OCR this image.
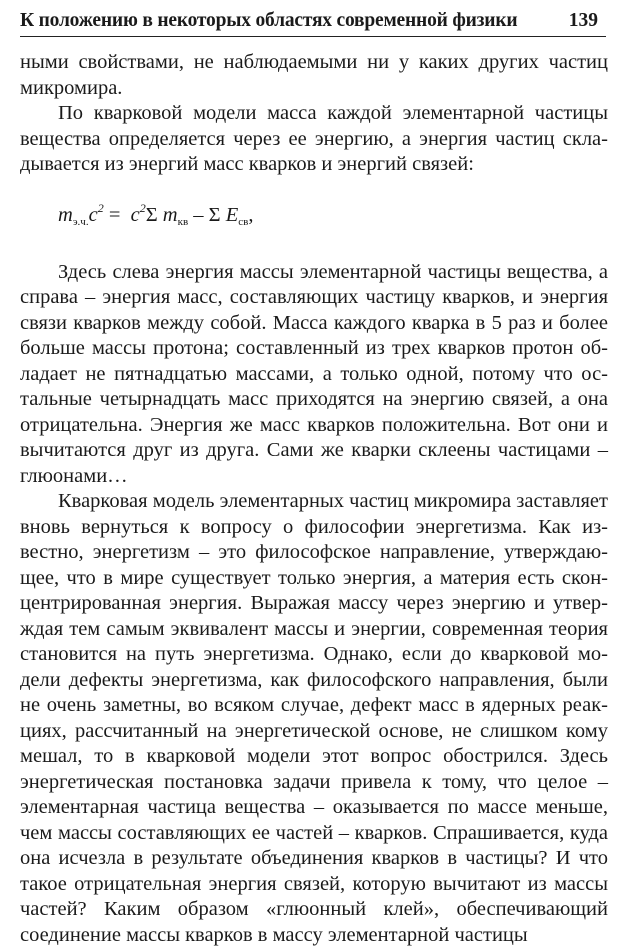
К положению в некоторых областях современной физики	139

ными свойствами, не наблюдаемыми ни у каких других частиц микромира.

По кварковой модели масса каждой элементарной частицы вещества определяется через ее энергию, а энергия частиц складывается из энергий масс кварков и энергий связей:

$m_{э.ч.}c^2 = c^2\Sigma$ $m_{кв}$ – Σ $E_{св}$,

Здесь слева энергия массы элементарной частицы вещества, а справа – энергия масс, составляющих частицу кварков, и энергия связи кварков между собой. Масса каждого кварка в 5 раз и более больше массы протона; составленный из трех кварков протон обладает не пятнадцатью массами, а только одной, потому что остальные четырнадцать масс приходятся на энергию связей, а она отрицательна. Энергия же масс кварков положительна. Вот они и вычитаются друг из друга. Сами же кварки склеены частицами – глюонами…

Кварковая модель элементарных частиц микромира заставляет вновь вернуться к вопросу о философии энергетизма. Как известно, энергетизм – это философское направление, утверждающее, что в мире существует только энергия, а материя есть сконцентрированная энергия. Выражая массу через энергию и утверждая тем самым эквивалент массы и энергии, современная теория становится на путь энергетизма. Однако, если до кварковой модели дефекты энергетизма, как философского направления, были не очень заметны, во всяком случае, дефект масс в ядерных реакциях, рассчитанный на энергетической основе, не слишком кому мешал, то в кварковой модели этот вопрос обострился. Здесь энергетическая постановка задачи привела к тому, что целое – элементарная частица вещества – оказывается по массе меньше, чем массы составляющих ее частей – кварков. Спрашивается, куда она исчезла в результате объединения кварков в частицы? И что такое отрицательная энергия связей, которую вычитают из массы частей? Каким образом «глюонный клей», обеспечивающий соединение массы кварков в массу элементарной частицы
